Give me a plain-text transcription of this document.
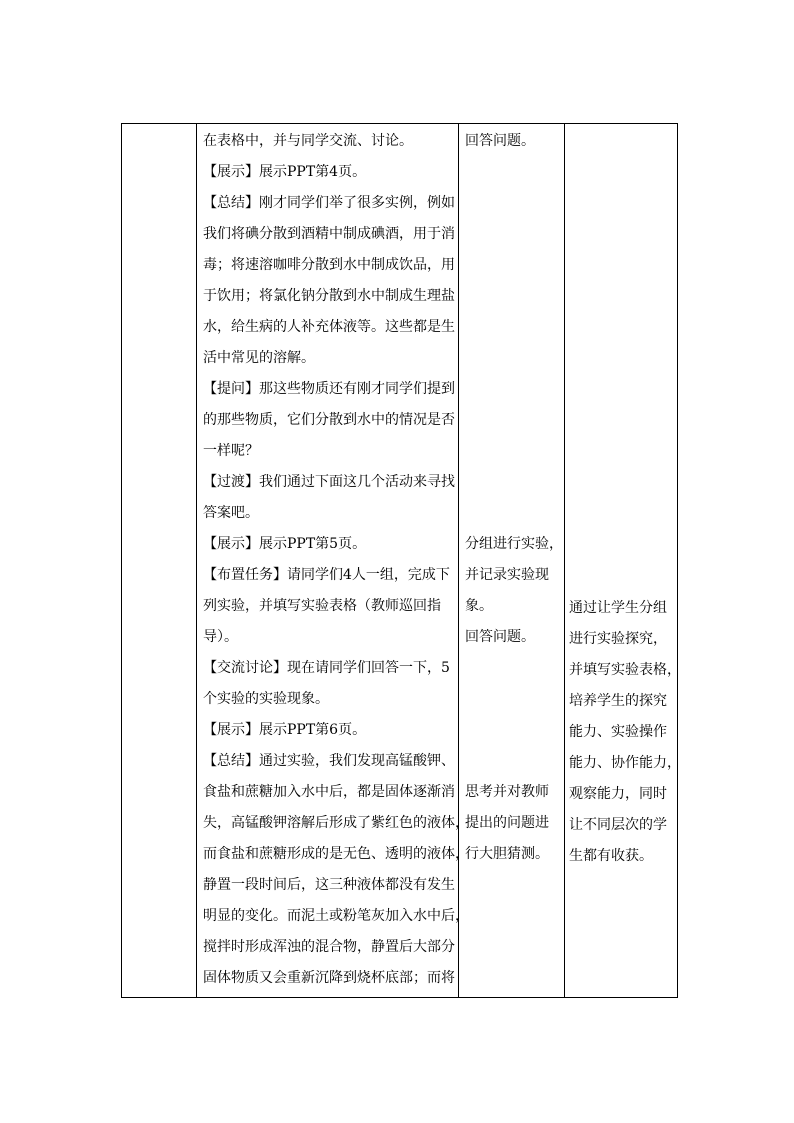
在表格中，并与同学交流、讨论。
【展示】展示PPT第4页。
【总结】刚才同学们举了很多实例，例如
我们将碘分散到酒精中制成碘酒，用于消
毒；将速溶咖啡分散到水中制成饮品，用
于饮用；将氯化钠分散到水中制成生理盐
水，给生病的人补充体液等。这些都是生
活中常见的溶解。
【提问】那这些物质还有刚才同学们提到
的那些物质，它们分散到水中的情况是否
一样呢？
【过渡】我们通过下面这几个活动来寻找
答案吧。
【展示】展示PPT第5页。
【布置任务】请同学们4人一组，完成下
列实验，并填写实验表格（教师巡回指
导）。
【交流讨论】现在请同学们回答一下，5
个实验的实验现象。
【展示】展示PPT第6页。
【总结】通过实验，我们发现高锰酸钾、
食盐和蔗糖加入水中后，都是固体逐渐消
失，高锰酸钾溶解后形成了紫红色的液体，
而食盐和蔗糖形成的是无色、透明的液体，
静置一段时间后，这三种液体都没有发生
明显的变化。而泥土或粉笔灰加入水中后，
搅拌时形成浑浊的混合物，静置后大部分
固体物质又会重新沉降到烧杯底部；而将
回答问题。
分组进行实验，
并记录实验现
象。
回答问题。
思考并对教师
提出的问题进
行大胆猜测。
通过让学生分组
进行实验探究，
并填写实验表格，
培养学生的探究
能力、实验操作
能力、协作能力，
观察能力，同时
让不同层次的学
生都有收获。
